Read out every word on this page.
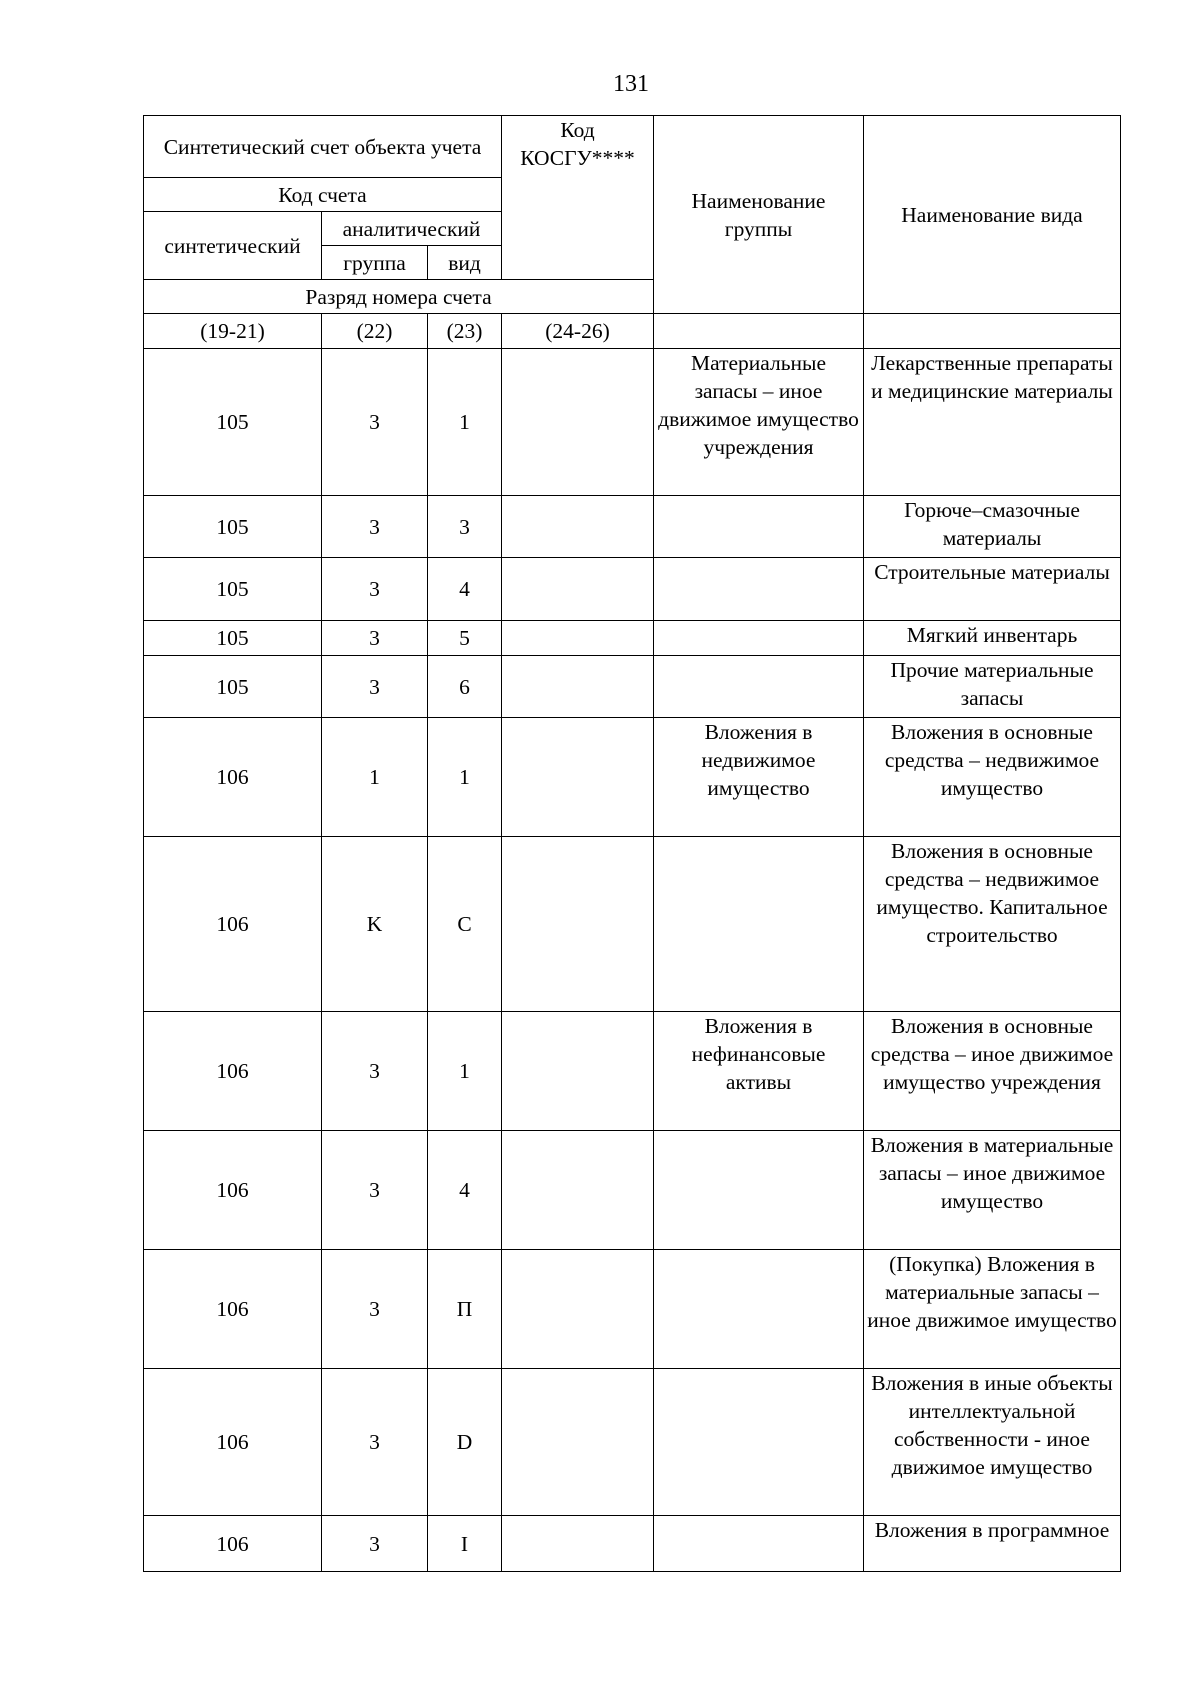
131
Синтетический счет объекта учета			Код КОСГУ****	Наименование группы	Наименование вида
Код счета					
синтетический	аналитический				
	группа	вид			
Разряд номера счета					
(19-21)	(22)	(23)	(24-26)		
105	3	1		Материальные запасы – иное движимое имущество учреждения	Лекарственные препараты и медицинские материалы
105	3	3			Горюче–смазочные материалы
105	3	4			Строительные материалы
105	3	5			Мягкий инвентарь
105	3	6			Прочие материальные запасы
106	1	1		Вложения в недвижимое имущество	Вложения в основные средства – недвижимое имущество
106	K	C			Вложения в основные средства – недвижимое имущество. Капитальное строительство
106	3	1		Вложения в нефинансовые активы	Вложения в основные средства – иное движимое имущество учреждения
106	3	4			Вложения в материальные запасы – иное движимое имущество
106	3	П			(Покупка) Вложения в материальные запасы – иное движимое имущество
106	3	D			Вложения в иные объекты интеллектуальной собственности - иное движимое имущество
106	3	I			Вложения в программное
